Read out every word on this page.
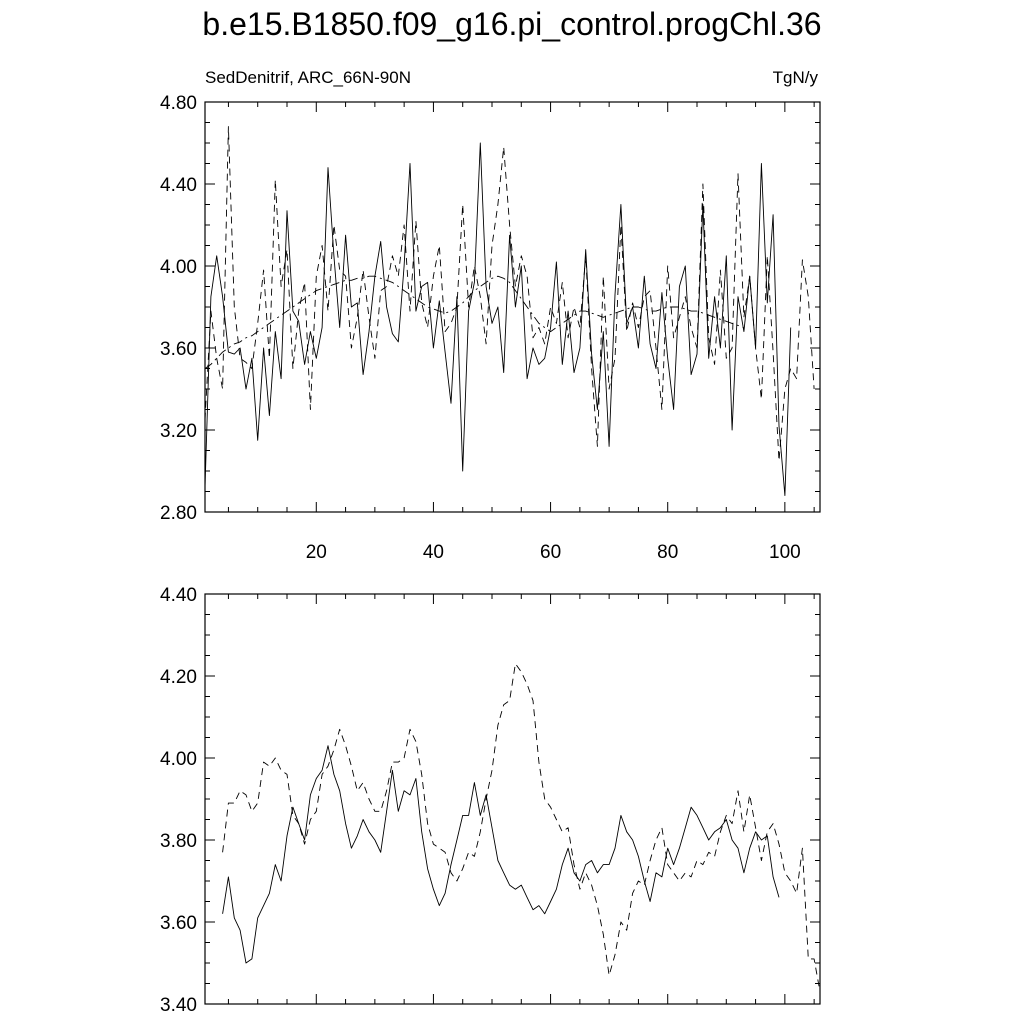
b.e15.B1850.f09_g16.pi_control.progChl.36
SedDenitrif, ARC_66N-90N	TgN/y
2.80
3.20
3.60
4.00
4.40
4.80
20	40	60	80	100
3.40
3.60
3.80
4.00
4.20
4.40
